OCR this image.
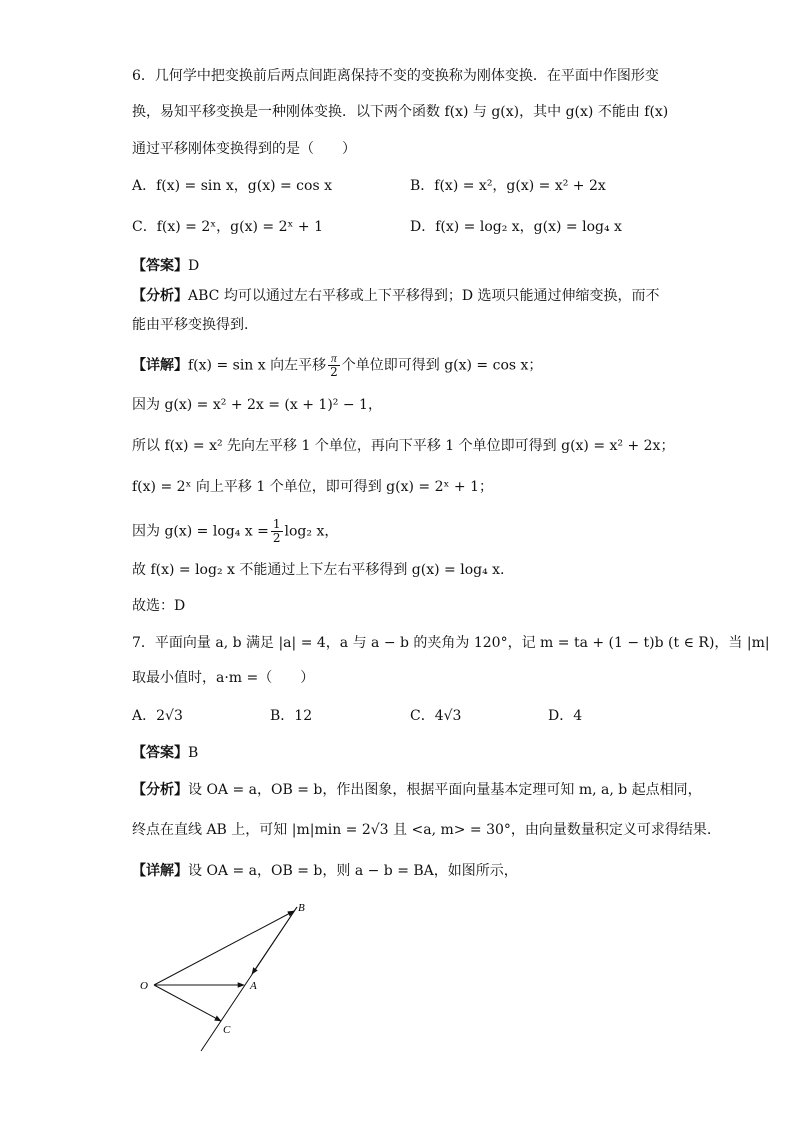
6．几何学中把变换前后两点间距离保持不变的变换称为刚体变换．在平面中作图形变
换，易知平移变换是一种刚体变换．以下两个函数 f(x) 与 g(x)，其中 g(x) 不能由 f(x)
通过平移刚体变换得到的是（　　）
A．f(x) = sin x，g(x) = cos x	B．f(x) = x²，g(x) = x² + 2x
C．f(x) = 2ˣ，g(x) = 2ˣ + 1	D．f(x) = log₂ x，g(x) = log₄ x
【答案】D
【分析】ABC 均可以通过左右平移或上下平移得到；D 选项只能通过伸缩变换，而不
能由平移变换得到.
【详解】f(x) = sin x 向左平移 $\frac{\pi}{2}$ 个单位即可得到 g(x) = cos x；
因为 g(x) = x² + 2x = (x + 1)² − 1，
所以 f(x) = x² 先向左平移 1 个单位，再向下平移 1 个单位即可得到 g(x) = x² + 2x；
f(x) = 2ˣ 向上平移 1 个单位，即可得到 g(x) = 2ˣ + 1；
因为 g(x) = log₄ $x = \frac{1}{2} \log_2$ x，
故 f(x) = log₂ x 不能通过上下左右平移得到 g(x) = log₄ x.
故选：D
7．平面向量 a, b 满足 |a| = 4，a 与 a − b 的夹角为 120°，记 m = ta + (1 − t)b (t ∈ R)，当 |m|
取最小值时，a·m =（　　）
A．2√3	B．12	C．4√3	D．4
【答案】B
【分析】设 OA = a，OB = b，作出图象，根据平面向量基本定理可知 m, a, b 起点相同，
终点在直线 AB 上，可知 |m|min = 2√3 且 <a, m> = 30°，由向量数量积定义可求得结果.
【详解】设 OA = a，OB = b，则 a − b = BA，如图所示，
O	A
B
C
